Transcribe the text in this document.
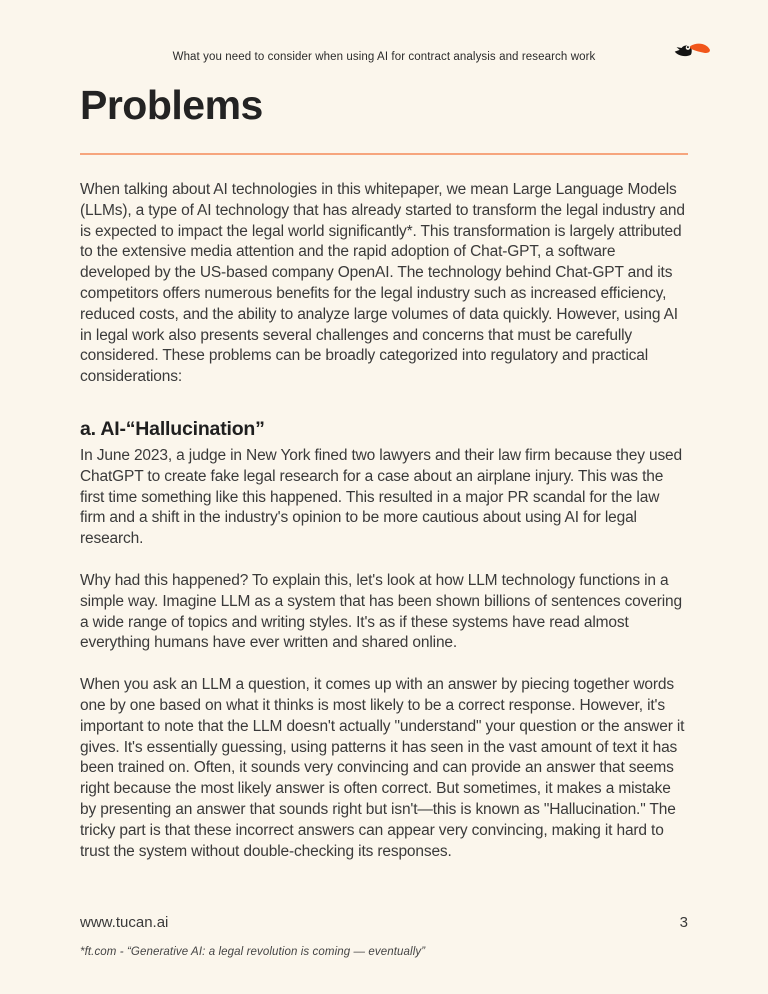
What you need to consider when using AI for contract analysis and research work
Problems

When talking about AI technologies in this whitepaper, we mean Large Language Models (LLMs), a type of AI technology that has already started to transform the legal industry and is expected to impact the legal world significantly*. This transformation is largely attributed to the extensive media attention and the rapid adoption of Chat-GPT, a software developed by the US-based company OpenAI. The technology behind Chat-GPT and its competitors offers numerous benefits for the legal industry such as increased efficiency, reduced costs, and the ability to analyze large volumes of data quickly. However, using AI in legal work also presents several challenges and concerns that must be carefully considered. These problems can be broadly categorized into regulatory and practical considerations:

a. AI-“Hallucination”

In June 2023, a judge in New York fined two lawyers and their law firm because they used ChatGPT to create fake legal research for a case about an airplane injury. This was the first time something like this happened. This resulted in a major PR scandal for the law firm and a shift in the industry's opinion to be more cautious about using AI for legal research.

Why had this happened? To explain this, let's look at how LLM technology functions in a simple way. Imagine LLM as a system that has been shown billions of sentences covering a wide range of topics and writing styles. It's as if these systems have read almost everything humans have ever written and shared online.

When you ask an LLM a question, it comes up with an answer by piecing together words one by one based on what it thinks is most likely to be a correct response. However, it's important to note that the LLM doesn't actually "understand" your question or the answer it gives. It's essentially guessing, using patterns it has seen in the vast amount of text it has been trained on. Often, it sounds very convincing and can provide an answer that seems right because the most likely answer is often correct. But sometimes, it makes a mistake by presenting an answer that sounds right but isn't—this is known as "Hallucination." The tricky part is that these incorrect answers can appear very convincing, making it hard to trust the system without double-checking its responses.

www.tucan.ai	3
*ft.com - “Generative AI: a legal revolution is coming — eventually”
